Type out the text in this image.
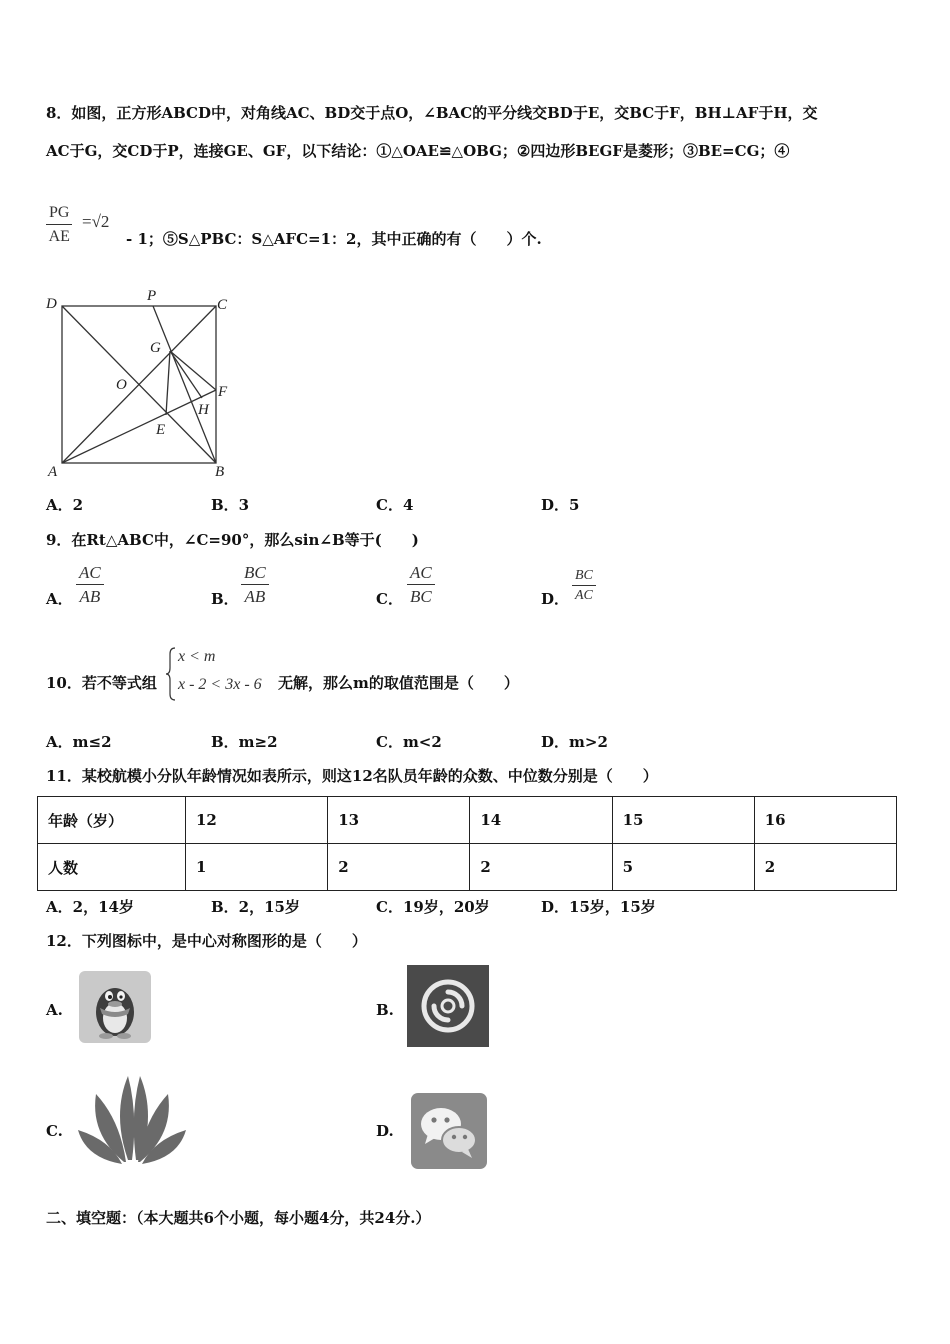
8．如图，正方形ABCD中，对角线AC、BD交于点O，∠BAC的平分线交BD于E，交BC于F，BH⊥AF于H，交
AC于G，交CD于P，连接GE、GF，以下结论：①△OAE≌△OBG；②四边形BEGF是菱形；③BE=CG；④
$\frac{PG}{AE} =√2$
- 1；⑤S△PBC：S△AFC=1：2，其中正确的有（　　）个.
D	P
C
G
O	F
H
E
A	B
A．2	B．3	C．4	D．5
9．在Rt△ABC中，∠C=90°，那么sin∠B等于(　　)
A． $\frac{AC}{AB}$	B． $\frac{BC}{AB}$	C． $\frac{AC}{BC}$	D． $\frac{BC}{AC}$
10．若不等式组
x < m
x - 2 < 3x - 6 无解，那么m的取值范围是（　　）
A．m≤2	B．m≥2	C．m<2	D．m>2
11．某校航模小分队年龄情况如表所示，则这12名队员年龄的众数、中位数分别是（　　）
年龄（岁）	12	13	14	15	16
人数	1	2	2	5	2
A．2，14岁	B．2，15岁	C．19岁，20岁	D．15岁，15岁
12．下列图标中，是中心对称图形的是（　　）
A.	B.
C.	D.
二、填空题：（本大题共6个小题，每小题4分，共24分.）
